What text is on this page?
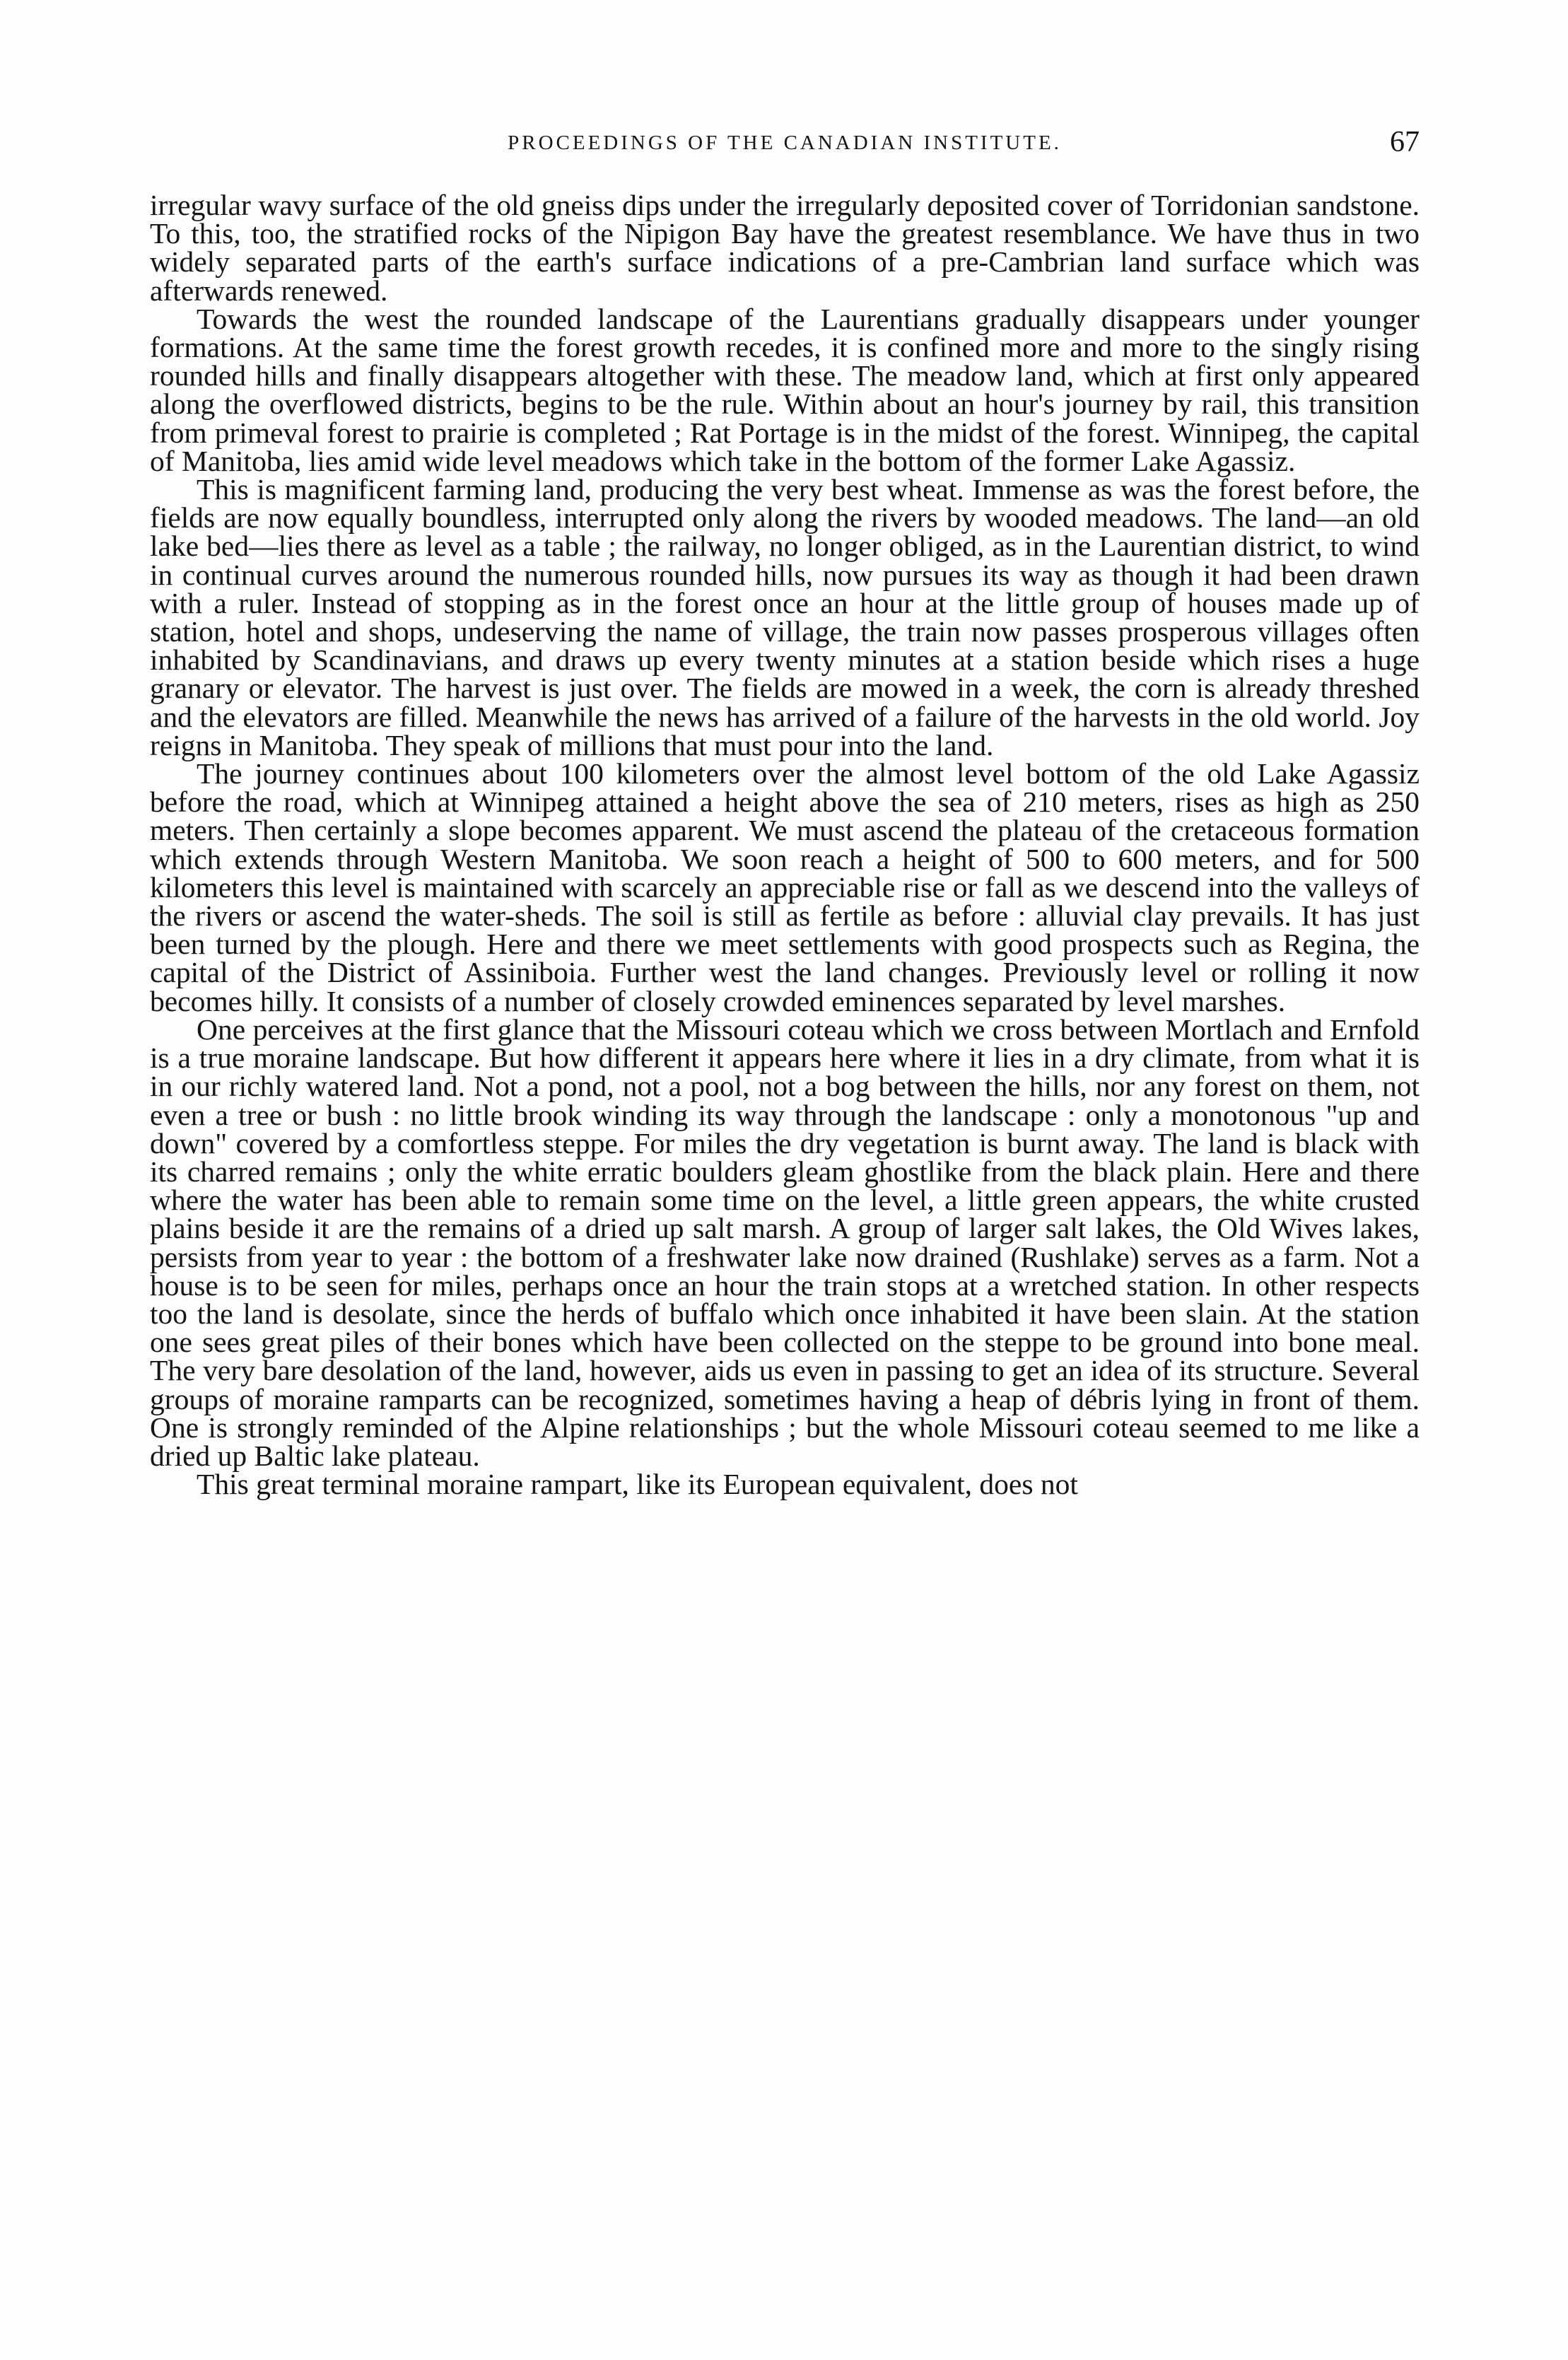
PROCEEDINGS OF THE CANADIAN INSTITUTE.	67

irregular wavy surface of the old gneiss dips under the irregularly deposited cover of Torridonian sandstone. To this, too, the stratified rocks of the Nipigon Bay have the greatest resemblance. We have thus in two widely separated parts of the earth's surface indications of a pre-Cambrian land surface which was afterwards renewed.

Towards the west the rounded landscape of the Laurentians gradually disappears under younger formations. At the same time the forest growth recedes, it is confined more and more to the singly rising rounded hills and finally disappears altogether with these. The meadow land, which at first only appeared along the overflowed districts, begins to be the rule. Within about an hour's journey by rail, this transition from primeval forest to prairie is completed ; Rat Portage is in the midst of the forest. Winnipeg, the capital of Manitoba, lies amid wide level meadows which take in the bottom of the former Lake Agassiz.

This is magnificent farming land, producing the very best wheat. Immense as was the forest before, the fields are now equally boundless, interrupted only along the rivers by wooded meadows. The land—an old lake bed—lies there as level as a table ; the railway, no longer obliged, as in the Laurentian district, to wind in continual curves around the numerous rounded hills, now pursues its way as though it had been drawn with a ruler. Instead of stopping as in the forest once an hour at the little group of houses made up of station, hotel and shops, undeserving the name of village, the train now passes prosperous villages often inhabited by Scandinavians, and draws up every twenty minutes at a station beside which rises a huge granary or elevator. The harvest is just over. The fields are mowed in a week, the corn is already threshed and the elevators are filled. Meanwhile the news has arrived of a failure of the harvests in the old world. Joy reigns in Manitoba. They speak of millions that must pour into the land.

The journey continues about 100 kilometers over the almost level bottom of the old Lake Agassiz before the road, which at Winnipeg attained a height above the sea of 210 meters, rises as high as 250 meters. Then certainly a slope becomes apparent. We must ascend the plateau of the cretaceous formation which extends through Western Manitoba. We soon reach a height of 500 to 600 meters, and for 500 kilometers this level is maintained with scarcely an appreciable rise or fall as we descend into the valleys of the rivers or ascend the water-sheds. The soil is still as fertile as before : alluvial clay prevails. It has just been turned by the plough. Here and there we meet settlements with good prospects such as Regina, the capital of the District of Assiniboia. Further west the land changes. Previously level or rolling it now becomes hilly. It consists of a number of closely crowded eminences separated by level marshes.

One perceives at the first glance that the Missouri coteau which we cross between Mortlach and Ernfold is a true moraine landscape. But how different it appears here where it lies in a dry climate, from what it is in our richly watered land. Not a pond, not a pool, not a bog between the hills, nor any forest on them, not even a tree or bush : no little brook winding its way through the landscape : only a monotonous "up and down" covered by a comfortless steppe. For miles the dry vegetation is burnt away. The land is black with its charred remains ; only the white erratic boulders gleam ghostlike from the black plain. Here and there where the water has been able to remain some time on the level, a little green appears, the white crusted plains beside it are the remains of a dried up salt marsh. A group of larger salt lakes, the Old Wives lakes, persists from year to year : the bottom of a freshwater lake now drained (Rushlake) serves as a farm. Not a house is to be seen for miles, perhaps once an hour the train stops at a wretched station. In other respects too the land is desolate, since the herds of buffalo which once inhabited it have been slain. At the station one sees great piles of their bones which have been collected on the steppe to be ground into bone meal. The very bare desolation of the land, however, aids us even in passing to get an idea of its structure. Several groups of moraine ramparts can be recognized, sometimes having a heap of débris lying in front of them. One is strongly reminded of the Alpine relationships ; but the whole Missouri coteau seemed to me like a dried up Baltic lake plateau.

This great terminal moraine rampart, like its European equivalent, does not
